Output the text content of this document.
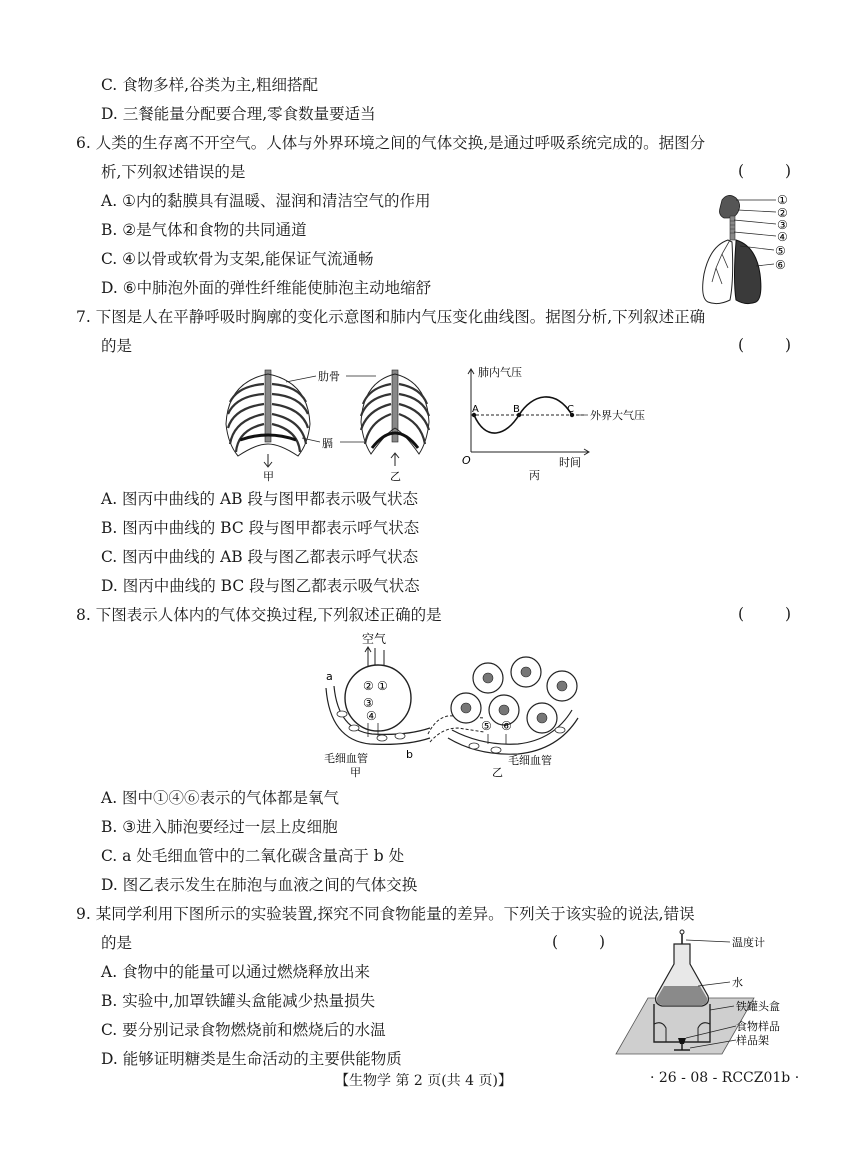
C. 食物多样,谷类为主,粗细搭配
D. 三餐能量分配要合理,零食数量要适当
6. 人类的生存离不开空气。人体与外界环境之间的气体交换,是通过呼吸系统完成的。据图分
析,下列叙述错误的是	( )
A. ①内的黏膜具有温暖、湿润和清洁空气的作用
B. ②是气体和食物的共同通道
C. ④以骨或软骨为支架,能保证气流通畅
D. ⑥中肺泡外面的弹性纤维能使肺泡主动地缩舒
①
②
③
④
⑤
⑥
7. 下图是人在平静呼吸时胸廓的变化示意图和肺内气压变化曲线图。据图分析,下列叙述正确
的是	( )
肋骨
膈
甲	乙
肺内气压
时间
O
A	B	C 外界大气压
丙
A. 图丙中曲线的 AB 段与图甲都表示吸气状态
B. 图丙中曲线的 BC 段与图甲都表示呼气状态
C. 图丙中曲线的 AB 段与图乙都表示呼气状态
D. 图丙中曲线的 BC 段与图乙都表示吸气状态
8. 下图表示人体内的气体交换过程,下列叙述正确的是	( )
空气
② ①
③
④
a
⑤ ⑥
毛细血管	b	毛细血管
甲	乙
A. 图中①④⑥表示的气体都是氧气
B. ③进入肺泡要经过一层上皮细胞
C. a 处毛细血管中的二氧化碳含量高于 b 处
D. 图乙表示发生在肺泡与血液之间的气体交换
9. 某同学利用下图所示的实验装置,探究不同食物能量的差异。下列关于该实验的说法,错误
的是	( )
A. 食物中的能量可以通过燃烧释放出来
B. 实验中,加罩铁罐头盒能减少热量损失
C. 要分别记录食物燃烧前和燃烧后的水温
D. 能够证明糖类是生命活动的主要供能物质
温度计
水
铁罐头盒
食物样品
样品架
【生物学 第 2 页(共 4 页)】	· 26 - 08 - RCCZ01b ·
